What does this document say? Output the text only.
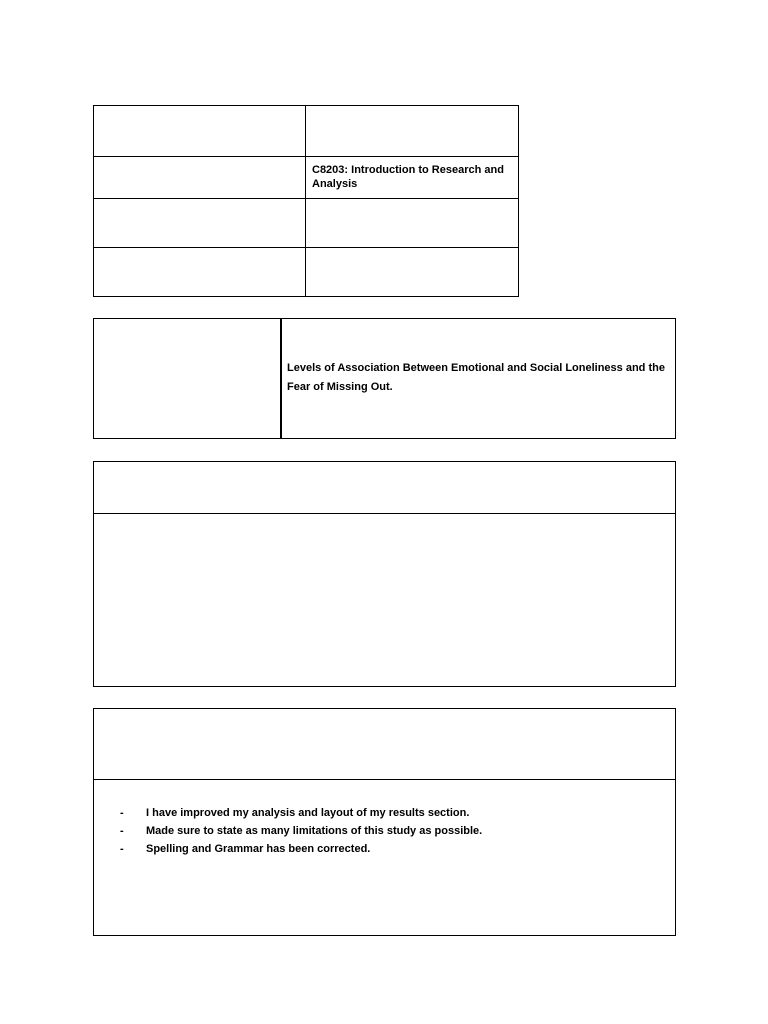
C8203: Introduction to Research and Analysis
Levels of Association Between Emotional and Social Loneliness and the Fear of Missing Out.
- I have improved my analysis and layout of my results section.
- Made sure to state as many limitations of this study as possible.
- Spelling and Grammar has been corrected.
